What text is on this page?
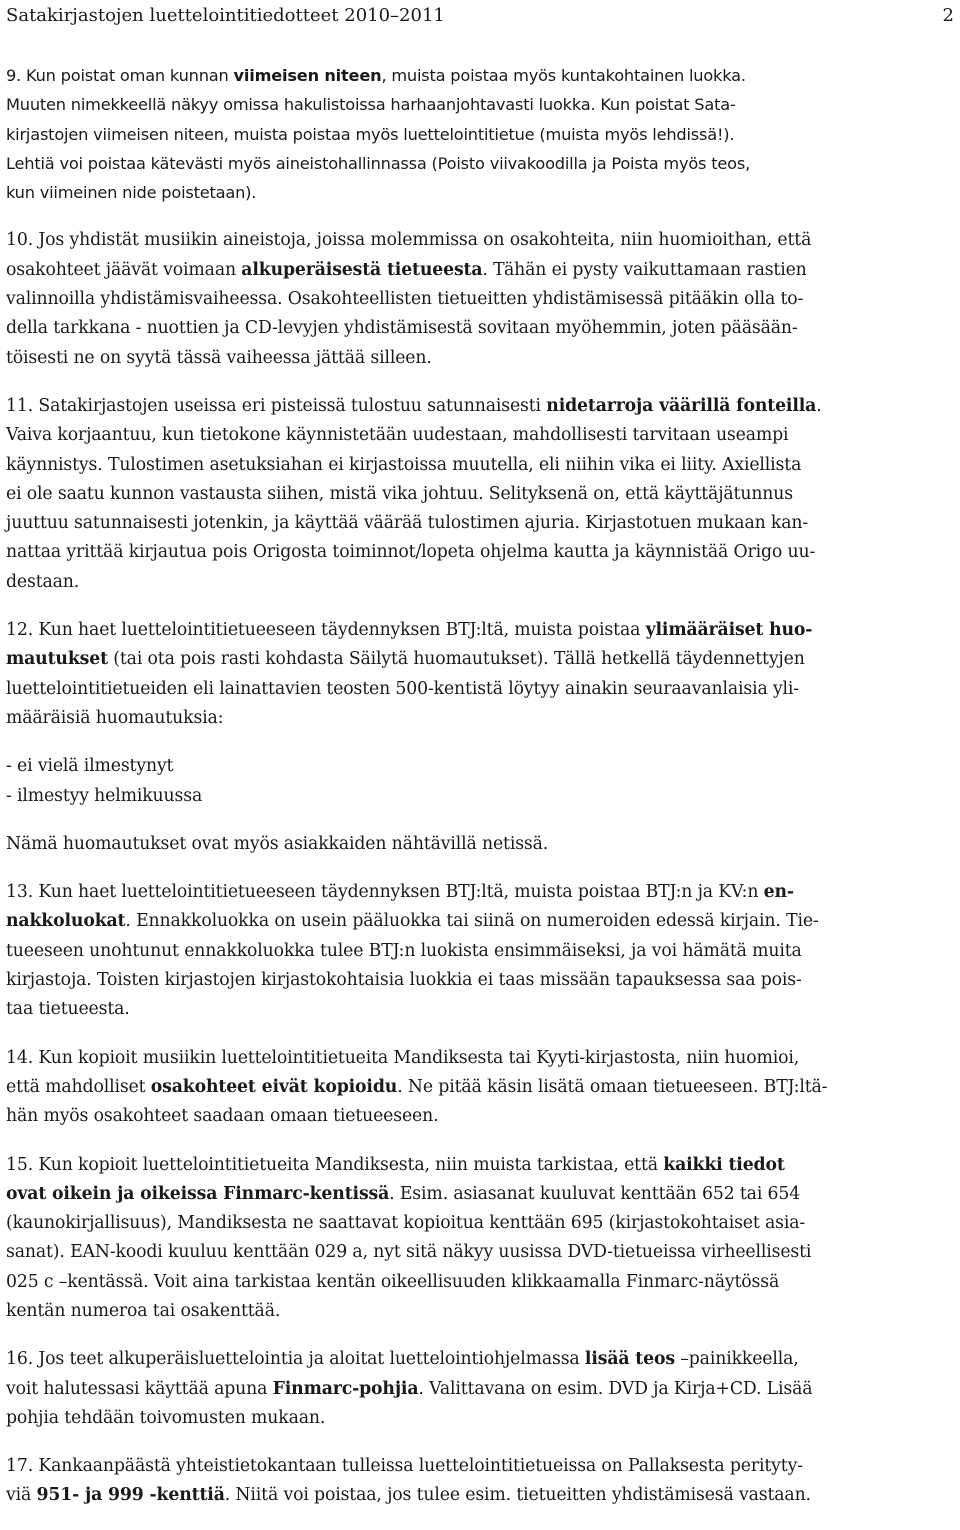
Satakirjastojen luettelointitiedotteet 2010–2011	2
9. Kun poistat oman kunnan viimeisen niteen, muista poistaa myös kuntakohtainen luokka.
Muuten nimekkeellä näkyy omissa hakulistoissa harhaanjohtavasti luokka. Kun poistat Sata-
kirjastojen viimeisen niteen, muista poistaa myös luettelointitietue (muista myös lehdissä!).
Lehtiä voi poistaa kätevästi myös aineistohallinnassa (Poisto viivakoodilla ja Poista myös teos,
kun viimeinen nide poistetaan).
10. Jos yhdistät musiikin aineistoja, joissa molemmissa on osakohteita, niin huomioithan, että
osakohteet jäävät voimaan alkuperäisestä tietueesta. Tähän ei pysty vaikuttamaan rastien
valinnoilla yhdistämisvaiheessa. Osakohteellisten tietueitten yhdistämisessä pitääkin olla to-
della tarkkana - nuottien ja CD-levyjen yhdistämisestä sovitaan myöhemmin, joten pääsään-
töisesti ne on syytä tässä vaiheessa jättää silleen.
11. Satakirjastojen useissa eri pisteissä tulostuu satunnaisesti nidetarroja väärillä fonteilla.
Vaiva korjaantuu, kun tietokone käynnistetään uudestaan, mahdollisesti tarvitaan useampi
käynnistys. Tulostimen asetuksiahan ei kirjastoissa muutella, eli niihin vika ei liity. Axiellista
ei ole saatu kunnon vastausta siihen, mistä vika johtuu. Selityksenä on, että käyttäjätunnus
juuttuu satunnaisesti jotenkin, ja käyttää väärää tulostimen ajuria. Kirjastotuen mukaan kan-
nattaa yrittää kirjautua pois Origosta toiminnot/lopeta ohjelma kautta ja käynnistää Origo uu-
destaan.
12. Kun haet luettelointitietueeseen täydennyksen BTJ:ltä, muista poistaa ylimääräiset huo-
mautukset (tai ota pois rasti kohdasta Säilytä huomautukset). Tällä hetkellä täydennettyjen
luettelointitietueiden eli lainattavien teosten 500-kentistä löytyy ainakin seuraavanlaisia yli-
määräisiä huomautuksia:
- ei vielä ilmestynyt
- ilmestyy helmikuussa
Nämä huomautukset ovat myös asiakkaiden nähtävillä netissä.
13. Kun haet luettelointitietueeseen täydennyksen BTJ:ltä, muista poistaa BTJ:n ja KV:n en-
nakkoluokat. Ennakkoluokka on usein pääluokka tai siinä on numeroiden edessä kirjain. Tie-
tueeseen unohtunut ennakkoluokka tulee BTJ:n luokista ensimmäiseksi, ja voi hämätä muita
kirjastoja. Toisten kirjastojen kirjastokohtaisia luokkia ei taas missään tapauksessa saa pois-
taa tietueesta.
14. Kun kopioit musiikin luettelointitietueita Mandiksesta tai Kyyti-kirjastosta, niin huomioi,
että mahdolliset osakohteet eivät kopioidu. Ne pitää käsin lisätä omaan tietueeseen. BTJ:ltä-
hän myös osakohteet saadaan omaan tietueeseen.
15. Kun kopioit luettelointitietueita Mandiksesta, niin muista tarkistaa, että kaikki tiedot
ovat oikein ja oikeissa Finmarc-kentissä. Esim. asiasanat kuuluvat kenttään 652 tai 654
(kaunokirjallisuus), Mandiksesta ne saattavat kopioitua kenttään 695 (kirjastokohtaiset asia-
sanat). EAN-koodi kuuluu kenttään 029 a, nyt sitä näkyy uusissa DVD-tietueissa virheellisesti
025 c –kentässä. Voit aina tarkistaa kentän oikeellisuuden klikkaamalla Finmarc-näytössä
kentän numeroa tai osakenttää.
16. Jos teet alkuperäisluettelointia ja aloitat luettelointiohjelmassa lisää teos –painikkeella,
voit halutessasi käyttää apuna Finmarc-pohjia. Valittavana on esim. DVD ja Kirja+CD. Lisää
pohjia tehdään toivomusten mukaan.
17. Kankaanpäästä yhteistietokantaan tulleissa luettelointitietueissa on Pallaksesta perityty-
viä 951- ja 999 -kenttiä. Niitä voi poistaa, jos tulee esim. tietueitten yhdistämisesä vastaan.
